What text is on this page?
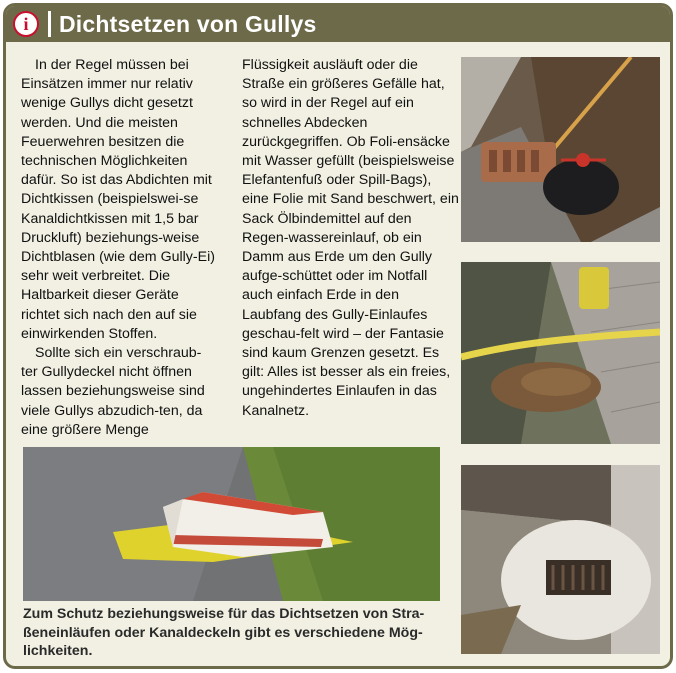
i	Dichtsetzen von Gullys

In der Regel müssen bei Einsätzen immer nur relativ wenige Gullys dicht gesetzt werden. Und die meisten Feuerwehren besitzen die technischen Möglichkeiten dafür. So ist das Abdichten mit Dichtkissen (beispielswei-se Kanaldichtkissen mit 1,5 bar Druckluft) beziehungs-weise Dichtblasen (wie dem Gully-Ei) sehr weit verbreitet. Die Haltbarkeit dieser Geräte richtet sich nach den auf sie einwirkenden Stoffen.

Sollte sich ein verschraub-ter Gullydeckel nicht öffnen lassen beziehungsweise sind viele Gullys abzudich-ten, da eine größere Menge

Flüssigkeit ausläuft oder die Straße ein größeres Gefälle hat, so wird in der Regel auf ein schnelles Abdecken zurückgegriffen. Ob Foli-ensäcke mit Wasser gefüllt (beispielsweise Elefantenfuß oder Spill-Bags), eine Folie mit Sand beschwert, ein Sack Ölbindemittel auf den Regen-wassereinlauf, ob ein Damm aus Erde um den Gully aufge-schüttet oder im Notfall auch einfach Erde in den Laubfang des Gully-Einlaufes geschau-felt wird – der Fantasie sind kaum Grenzen gesetzt. Es gilt: Alles ist besser als ein freies, ungehindertes Einlaufen in das Kanalnetz.

Zum Schutz beziehungsweise für das Dichtsetzen von Stra-ßeneinläufen oder Kanaldeckeln gibt es verschiedene Mög-lichkeiten.
